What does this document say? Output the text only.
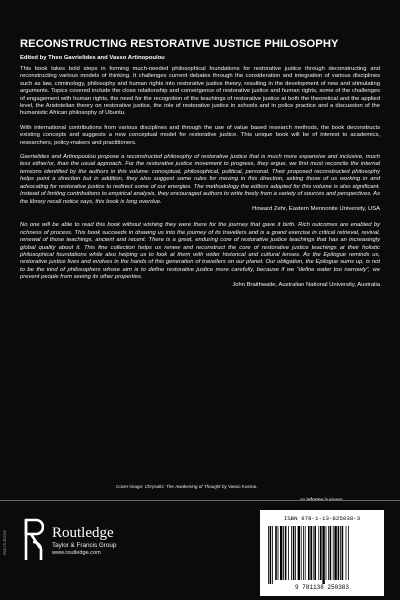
RECONSTRUCTING RESTORATIVE JUSTICE PHILOSOPHY
Edited by Theo Gavrielides and Vasso Artinopoulou

This book takes bold steps in forming much-needed philosophical foundations for restorative justice through deconstructing and reconstructing various models of thinking. It challenges current debates through the consideration and integration of various disciplines such as law, criminology, philosophy and human rights into restorative justice theory, resulting in the development of new and stimulating arguments. Topics covered include the close relationship and convergence of restorative justice and human rights, some of the challenges of engagement with human rights, the need for the recognition of the teachings of restorative justice at both the theoretical and the applied level, the Aristotelian theory on restorative justice, the role of restorative justice in schools and in police practice and a discussion of the humanistic African philosophy of Ubuntu.

With international contributions from various disciplines and through the use of value based research methods, the book deconstructs existing concepts and suggests a new conceptual model for restorative justice. This unique book will be of interest to academics, researchers, policy-makers and practitioners.

Gavrielides and Artinopoulou propose a reconstructed philosophy of restorative justice that is much more expansive and inclusive, much less either/or, than the usual approach. For the restorative justice movement to progress, they argue, we first must reconcile the internal tensions identified by the authors in this volume: conceptual, philosophical, political, personal. Their proposed reconstructed philosophy helps point a direction but in addition, they also suggest some rules for moving in this direction, asking those of us working in and advocating for restorative justice to redirect some of our energies. The methodology the editors adopted for this volume is also significant. Instead of limiting contributions to empirical analysis, they encouraged authors to write freely from a variety of sources and perspectives. As the library recall notice says, this book is long overdue.

Howard Zehr, Eastern Mennonite University, USA

No one will be able to read this book without wishing they were there for the journey that gave it birth. Rich outcomes are enabled by richness of process. This book succeeds in drawing us into the journey of its travellers and is a grand exercise in critical retrieval, revival, renewal of those teachings, ancient and recent. There is a great, enduring core of restorative justice teachings that has an increasingly global quality about it. This fine collection helps us renew and reconstruct the core of restorative justice teachings at their holistic philosophical foundations while also helping us to look at them with wider historical and cultural lenses. As the Epilogue reminds us, restorative justice lives and evolves in the hands of this generation of travellers on our planet. Our obligation, the Epilogue sums up, is not to be the kind of philosophers whose aim is to define restorative justice more carefully, because if we “define water too narrowly”, we prevent people from seeing its other properties.

John Braithwaite, Australian National University, Australia
Cover image: Chrysalis: The Awakening of Thought by Vasso Kosma.
ROUTLEDGE	Routledge
Taylor & Francis Group
www.routledge.com
ISBN 978-1-13-825038-3
9 781138 250383
